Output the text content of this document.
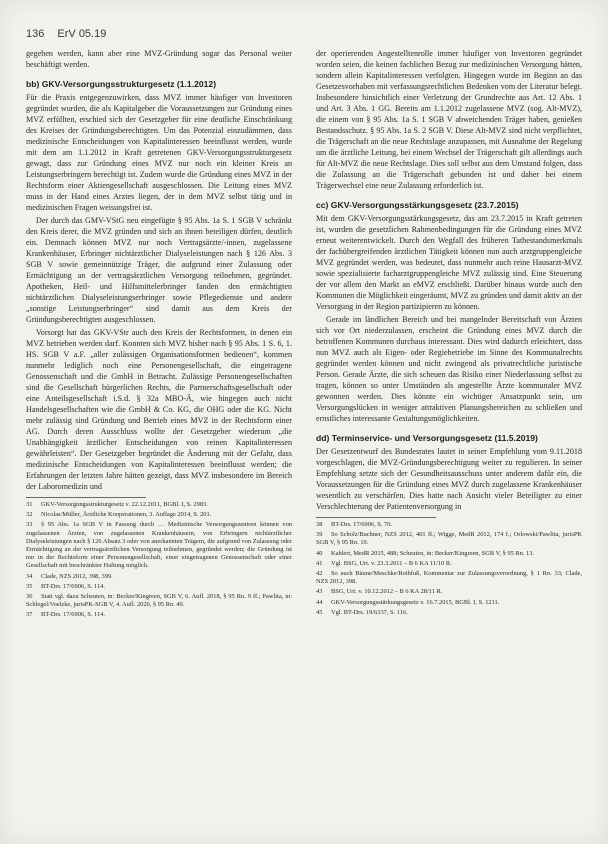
136 ErV 05.19

gegeben werden, kann aber eine MVZ-Gründung sogar das Personal weiter beschäftigt werden.

bb) GKV-Versorgungsstrukturgesetz (1.1.2012)

Für die Praxis entgegenzuwirken, dass MVZ immer häufiger von Investoren gegründet wurden, die als Kapitalgeber die Voraussetzungen zur Gründung eines MVZ erfüllten, erschied sich der Gesetzgeber für eine deutliche Einschränkung des Kreises der Gründungsberechtigten. Um das Potenzial einzudämmen, dass medizinische Entscheidungen von Kapitalinteressen beeinflusst werden, wurde mit dem am 1.1.2012 in Kraft getretenen GKV-Versorgungsstrukturgesetz gewagt, dass zur Gründung eines MVZ nur noch ein kleiner Kreis an Leistungserbringern berechtigt ist. Zudem wurde die Gründung eines MVZ in der Rechtsform einer Aktiengesellschaft ausgeschlossen. Die Leitung eines MVZ muss in der Hand eines Arztes liegen, der in dem MVZ selbst tätig und in medizinischen Fragen weisungsfrei ist.

Der durch das GMV-VStG neu eingefügte § 95 Abs. 1a S. 1 SGB V schränkt den Kreis derer, die MVZ gründen und sich an ihnen beteiligen dürfen, deutlich ein. Demnach können MVZ nur noch Vertragsärzte/-innen, zugelassene Krankenhäuser, Erbringer nichtärztlicher Dialyseleistungen nach § 126 Abs. 3 SGB V sowie gemeinnützige Träger, die aufgrund einer Zulassung oder Ermächtigung an der vertragsärztlichen Versorgung teilnehmen, gegründet. Apotheken, Heil- und Hilfsmittelerbringer fanden den ermächtigten nichtärztlichen Dialyseleistungserbringer sowie Pflegedienste und andere „sonstige Leistungserbringer“ sind damit aus dem Kreis der Gründungsberechtigten ausgeschlossen.

Vorsorgt hat das GKV-VStr auch den Kreis der Rechtsformen, in denen ein MVZ betrieben werden darf. Konnten sich MVZ bisher nach § 95 Abs. 1 S. 6, 1. HS. SGB V a.F. „aller zulässigen Organisationsformen bedienen“, kommen nunmehr lediglich noch eine Personengesellschaft, die eingetragene Genossenschaft und die GmbH in Betracht. Zulässige Personengesellschaften sind die Gesellschaft bürgerlichen Rechts, die Partnerschaftsgesellschaft oder eine Anteilsgesellschaft i.S.d. § 32a MBO-Ä, wie hingegen auch nicht Handelsgesellschaften wie die GmbH & Co. KG, die OHG oder die KG. Nicht mehr zulässig sind Gründung und Betrieb eines MVZ in der Rechtsform einer AG. Durch deren Ausschluss wollte der Gesetzgeber wiederum „die Unabhängigkeit ärztlicher Entscheidungen von reinen Kapitalinteressen gewährleisten“. Der Gesetzgeber begründet die Änderung mit der Gefahr, dass medizinische Entscheidungen von Kapitalinteressen beeinflusst werden; die Erfahrungen der letzten Jahre hätten gezeigt, dass MVZ insbesondere im Bereich der Laboromedizin und

31 GKV-Versorgungsstrukturgesetz v. 22.12.2011, BGBl. I, S. 2983.

32 Nicolas/Müller, Ärztliche Kooperationen, 3. Auflage 2014, S. 201.

33 § 95 Abs. 1a SGB V in Fassung durch … Medizinische Versorgungszentren können von zugelassenen Ärzten, von zugelassenen Krankenhäusern, von Erbringern nichtärztlicher Dialyseleistungen nach § 126 Absatz 3 oder von anerkannten Trägern, die aufgrund von Zulassung oder Ermächtigung an der vertragsärztlichen Versorgung teilnehmen, gegründet werden; die Gründung ist nur in der Rechtsform einer Personengesellschaft, einer eingetragenen Genossenschaft oder einer Gesellschaft mit beschränkter Haftung möglich.

34 Clade, NZS 2012, 398, 399.

35 BT-Drs. 17/6906, S. 114.

36 Statt vgl. dazu Scheuten, in: Becker/Kingreen, SGB V, 6. Aufl. 2018, § 95 Rn. 9 ff.; Pawlita, in: Schlegel/Voelzke, jurisPK-SGB V, 4. Aufl. 2020, § 95 Rn. 49.

37 BT-Drs. 17/6906, S. 114.

der operierenden Angestelltenrolle immer häufiger von Investoren gegründet worden seien, die keinen fachlichen Bezug zur medizinischen Versorgung hätten, sondern allein Kapitalinteressen verfolgten. Hingegen wurde im Beginn an das Gesetzesvorhaben mit verfassungsrechtlichen Bedenken vom der Literatur belegt. Insbesondere hinsichtlich einer Verletzung der Grundrechte aus Art. 12 Abs. 1 und Art. 3 Abs. 1 GG. Bereits am 1.1.2012 zugelassene MVZ (sog. Alt-MVZ), die einem von § 95 Abs. 1a S. 1 SGB V abweichenden Träger haben, genießen Bestandsschutz. § 95 Abs. 1a S. 2 SGB V. Diese Alt-MVZ sind nicht verpflichtet, die Trägerschaft an die neue Rechtslage anzupassen, mit Ausnahme der Regelung um die ärztliche Leitung, bei einem Wechsel der Trägerschaft gilt allerdings auch für Alt-MVZ die neue Rechtslage. Dies soll selbst aus dem Umstand folgen, dass die Zulassung an die Trägerschaft gebunden ist und daher bei einem Trägerwechsel eine neue Zulassung erforderlich ist.

cc) GKV-Versorgungsstärkungsgesetz (23.7.2015)

Mit dem GKV-Versorgungsstärkungsgesetz, das am 23.7.2015 in Kraft getreten ist, wurden die gesetzlichen Rahmenbedingungen für die Gründung eines MVZ erneut weiterentwickelt. Durch den Wegfall des früheren Tatbestandsmerkmals der fachübergreifenden ärztlichen Tätigkeit können nun auch arztgruppengleiche MVZ gegründet werden, was bedeutet, dass nunmehr auch reine Hausarzt-MVZ sowie spezialisierte facharztgruppengleiche MVZ zulässig sind. Eine Steuerung der vor allem den Markt an eMVZ erschließt. Darüber hinaus wurde auch den Kommunen die Möglichkeit eingeräumt, MVZ zu gründen und damit aktiv an der Versorgung in der Region partizipieren zu können.

Gerade im ländlichen Bereich und bei mangelnder Bereitschaft von Ärzten sich vor Ort niederzulassen, erscheint die Gründung eines MVZ durch die betroffenen Kommunen durchaus interessant. Dies wird dadurch erleichtert, dass nun MVZ auch als Eigen- oder Regiebetriebe im Sinne des Kommunalrechts gegründet werden können und nicht zwingend als privatrechtliche juristische Person. Gerade Ärzte, die sich scheuen das Risiko einer Niederlassung selbst zu tragen, können so unter Umständen als angestellte Ärzte kommunaler MVZ gewonnen werden. Dies könnte ein wichtiger Ansatzpunkt sein, um Versorgungslücken in weniger attraktiven Planungsbereichen zu schließen und ernstliches interessante Gestaltungsmöglichkeiten.

dd) Terminservice- und Versorgungsgesetz (11.5.2019)

Der Gesetzentwurf des Bundesrates lautet in seiner Empfehlung vom 9.11.2018 vorgeschlagen, die MVZ-Gründungsberechtigung weiter zu regulieren. In seiner Empfehlung setzte sich der Gesundheitsausschuss unter anderem dafür ein, die Voraussetzungen für die Gründung eines MVZ durch zugelassene Krankenhäuser wesentlich zu verschärfen. Dies hatte nach Ansicht vieler Beteiligter zu einer Verschlechterung der Patientenversorgung in

38 BT-Drs. 17/6906, S. 70.

39 So Scholz/Buchner, NZS 2012, 401 ff.; Wigge, MedR 2012, 174 f.; Orlowski/Pawlita, jurisPK SGB V, § 95 Rn. 19.

40 Kahlert, MedR 2015, 488; Scheuten, in: Becker/Kingreen, SGB V, § 95 Rn. 13.

41 Vgl. BSG, Urt. v. 23.3.2011 – B 6 KA 11/10 R.

42 So auch Bäune/Meschke/Rothfuß, Kommentar zur Zulassungsverordnung, § 1 Rn. 33; Clade, NZS 2012, 398.

43 BSG, Urt. v. 10.12.2012 – B 6 KA 28/11 R.

44 GKV-Versorgungsstärkungsgesetz v. 16.7.2015, BGBl. I, S. 1211.

45 Vgl. BT-Drs. 19/6337, S. 116.
